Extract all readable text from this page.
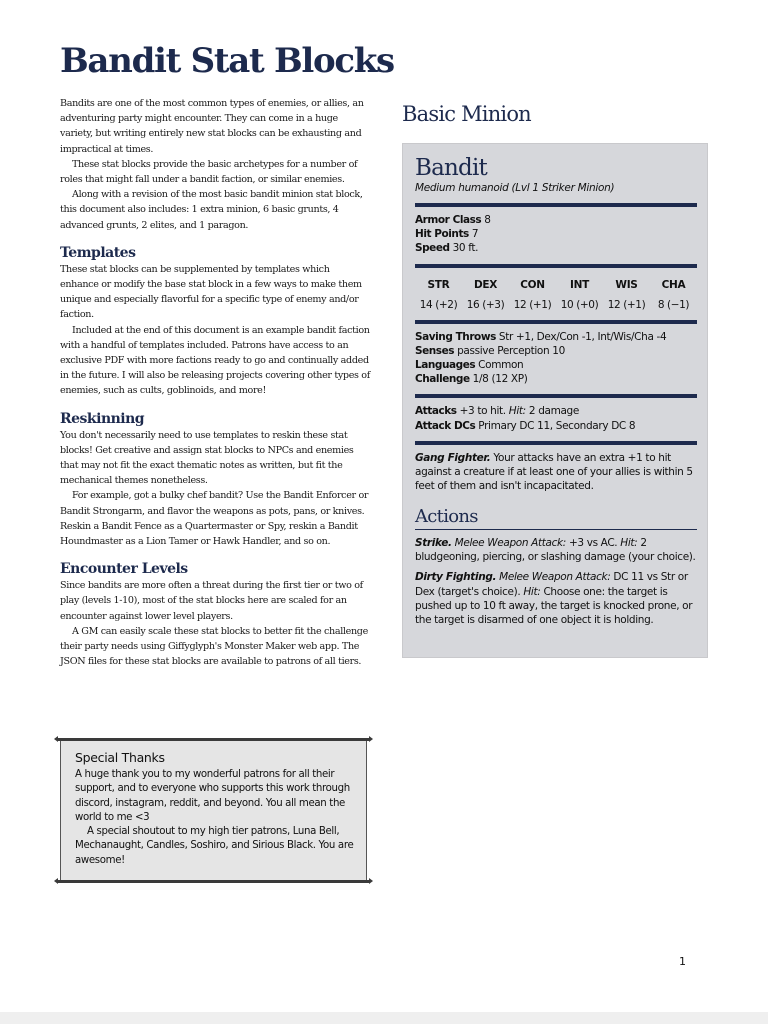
Bandit Stat Blocks

Bandits are one of the most common types of enemies, or allies, an adventuring party might encounter. They can come in a huge variety, but writing entirely new stat blocks can be exhausting and impractical at times.

These stat blocks provide the basic archetypes for a number of roles that might fall under a bandit faction, or similar enemies.

Along with a revision of the most basic bandit minion stat block, this document also includes: 1 extra minion, 6 basic grunts, 4 advanced grunts, 2 elites, and 1 paragon.

Templates

These stat blocks can be supplemented by templates which enhance or modify the base stat block in a few ways to make them unique and especially flavorful for a specific type of enemy and/or faction.

Included at the end of this document is an example bandit faction with a handful of templates included. Patrons have access to an exclusive PDF with more factions ready to go and continually added in the future. I will also be releasing projects covering other types of enemies, such as cults, goblinoids, and more!

Reskinning

You don't necessarily need to use templates to reskin these stat blocks! Get creative and assign stat blocks to NPCs and enemies that may not fit the exact thematic notes as written, but fit the mechanical themes nonetheless.

For example, got a bulky chef bandit? Use the Bandit Enforcer or Bandit Strongarm, and flavor the weapons as pots, pans, or knives. Reskin a Bandit Fence as a Quartermaster or Spy, reskin a Bandit Houndmaster as a Lion Tamer or Hawk Handler, and so on.

Encounter Levels

Since bandits are more often a threat during the first tier or two of play (levels 1-10), most of the stat blocks here are scaled for an encounter against lower level players.

A GM can easily scale these stat blocks to better fit the challenge their party needs using Giffyglyph's Monster Maker web app. The JSON files for these stat blocks are available to patrons of all tiers.

Special Thanks

A huge thank you to my wonderful patrons for all their support, and to everyone who supports this work through discord, instagram, reddit, and beyond. You all mean the world to me <3

A special shoutout to my high tier patrons, Luna Bell, Mechanaught, Candles, Soshiro, and Sirious Black. You are awesome!

Basic Minion
Bandit
Medium humanoid (Lvl 1 Striker Minion)
Armor Class 8
Hit Points 7
Speed 30 ft.
STR
14 (+2)
DEX
16 (+3)
CON
12 (+1)
INT
10 (+0)
WIS
12 (+1)
CHA
8 (−1)
Saving Throws Str +1, Dex/Con -1, Int/Wis/Cha -4
Senses passive Perception 10
Languages Common
Challenge 1/8 (12 XP)
Attacks +3 to hit. Hit: 2 damage
Attack DCs Primary DC 11, Secondary DC 8

Gang Fighter. Your attacks have an extra +1 to hit against a creature if at least one of your allies is within 5 feet of them and isn't incapacitated.

Actions

Strike. Melee Weapon Attack: +3 vs AC. Hit: 2 bludgeoning, piercing, or slashing damage (your choice).

Dirty Fighting. Melee Weapon Attack: DC 11 vs Str or Dex (target's choice). Hit: Choose one: the target is pushed up to 10 ft away, the target is knocked prone, or the target is disarmed of one object it is holding.

1
